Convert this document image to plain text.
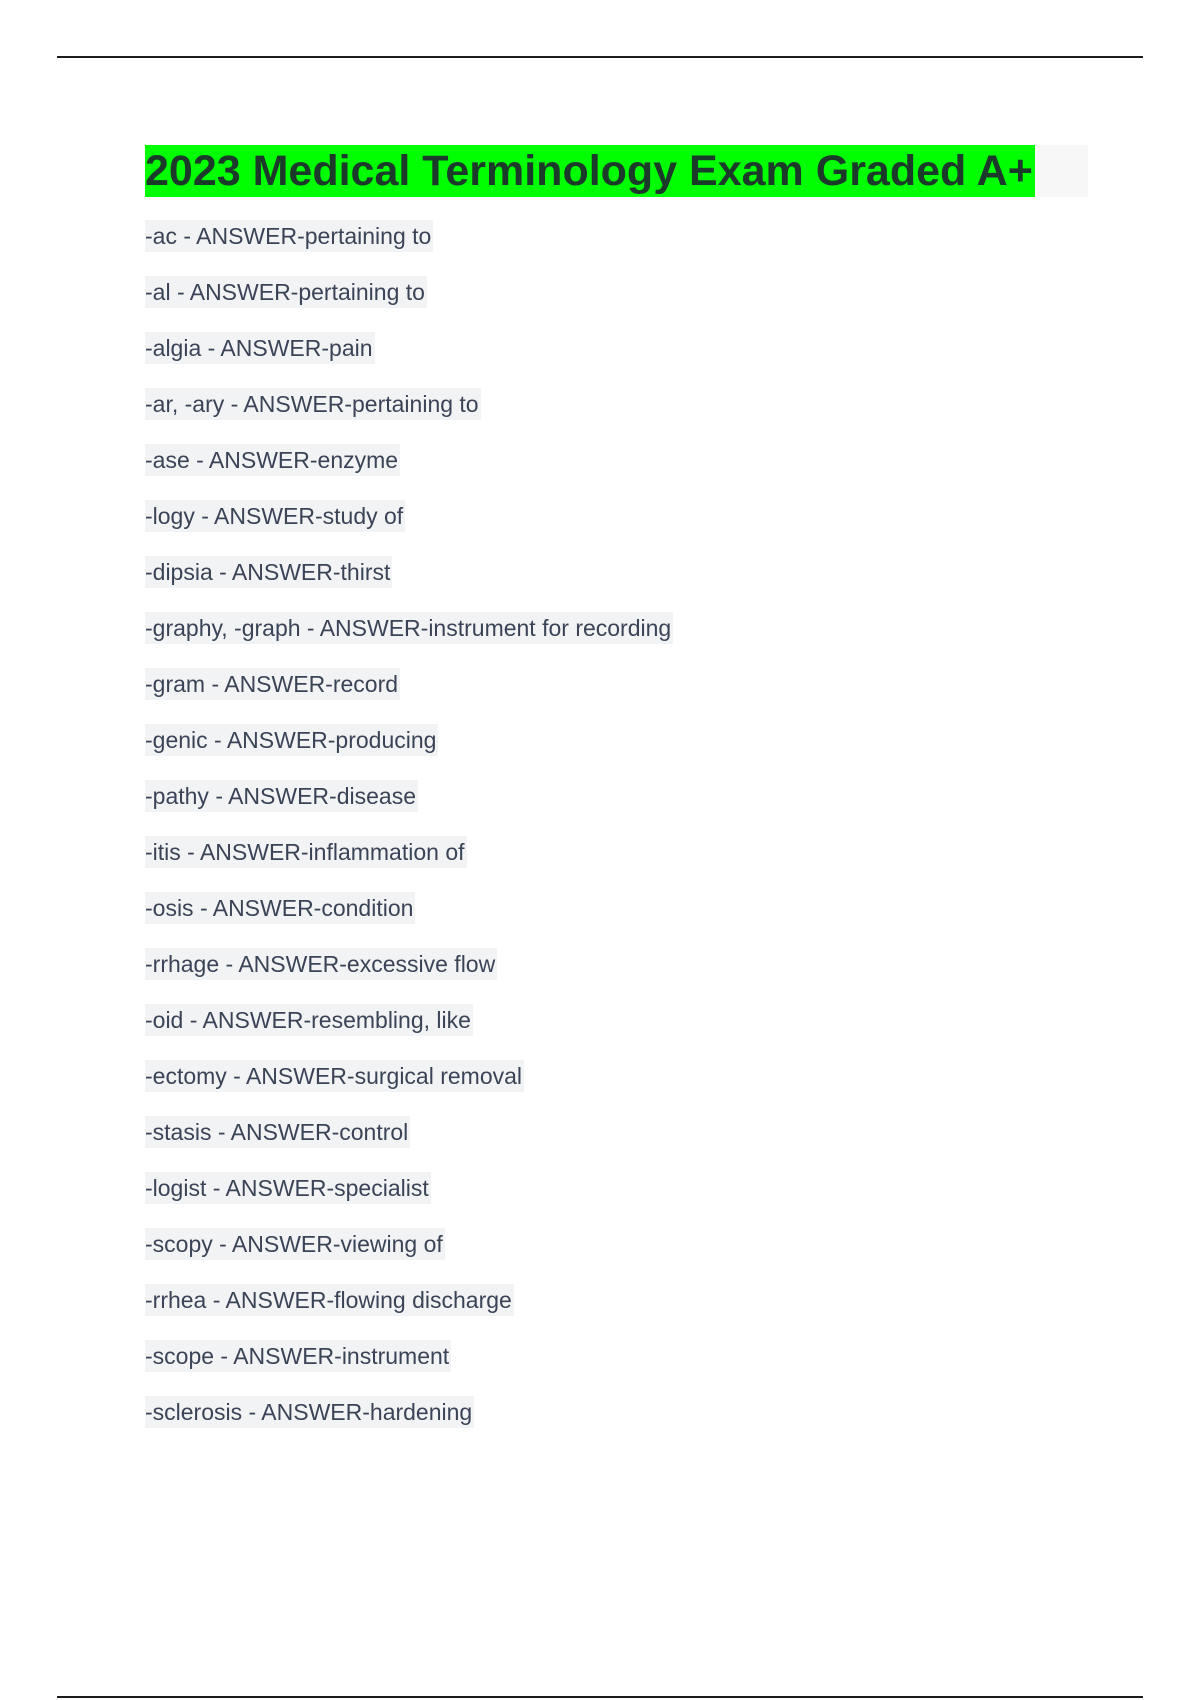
2023 Medical Terminology Exam Graded A+
-ac - ANSWER-pertaining to
-al - ANSWER-pertaining to
-algia - ANSWER-pain
-ar, -ary - ANSWER-pertaining to
-ase - ANSWER-enzyme
-logy - ANSWER-study of
-dipsia - ANSWER-thirst
-graphy, -graph - ANSWER-instrument for recording
-gram - ANSWER-record
-genic - ANSWER-producing
-pathy - ANSWER-disease
-itis - ANSWER-inflammation of
-osis - ANSWER-condition
-rrhage - ANSWER-excessive flow
-oid - ANSWER-resembling, like
-ectomy - ANSWER-surgical removal
-stasis - ANSWER-control
-logist - ANSWER-specialist
-scopy - ANSWER-viewing of
-rrhea - ANSWER-flowing discharge
-scope - ANSWER-instrument
-sclerosis - ANSWER-hardening
